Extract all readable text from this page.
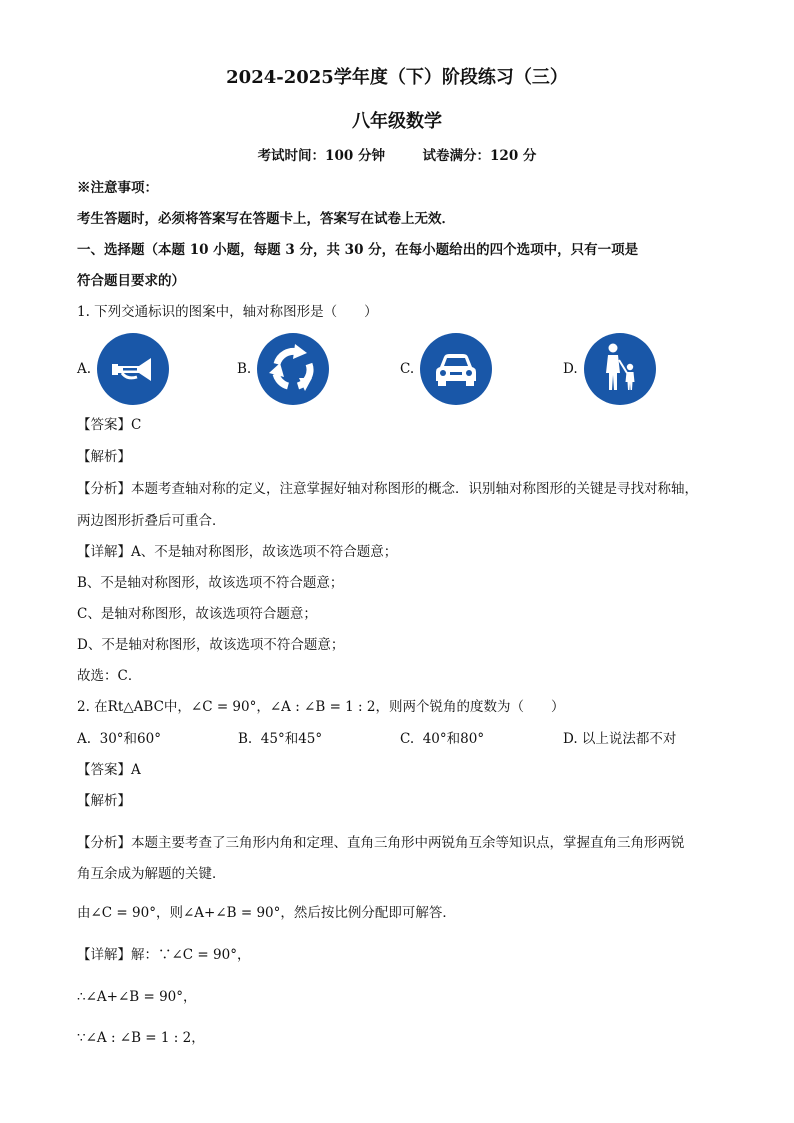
2024-2025学年度（下）阶段练习（三）
八年级数学
考试时间：100 分钟        试卷满分：120 分
※注意事项：
考生答题时，必须将答案写在答题卡上，答案写在试卷上无效．
一、选择题（本题 10 小题，每题 3 分，共 30 分，在每小题给出的四个选项中，只有一项是
符合题目要求的）
1. 下列交通标识的图案中，轴对称图形是（　　）
A.	B.	C.	D.
【答案】C
【解析】
【分析】本题考查轴对称的定义，注意掌握好轴对称图形的概念．识别轴对称图形的关键是寻找对称轴，
两边图形折叠后可重合．
【详解】A、不是轴对称图形，故该选项不符合题意；
B、不是轴对称图形，故该选项不符合题意；
C、是轴对称图形，故该选项符合题意；
D、不是轴对称图形，故该选项不符合题意；
故选：C．
2. 在Rt△ABC中，∠C = 90°，∠A : ∠B = 1 : 2，则两个锐角的度数为（　　）
A.  30°和60°	B.  45°和45°	C.  40°和80°	D. 以上说法都不对
【答案】A
【解析】
【分析】本题主要考查了三角形内角和定理、直角三角形中两锐角互余等知识点，掌握直角三角形两锐
角互余成为解题的关键．
由∠C = 90°，则∠A+∠B = 90°，然后按比例分配即可解答．
【详解】解：∵∠C = 90°，
∴∠A+∠B = 90°，
∵∠A : ∠B = 1 : 2，
